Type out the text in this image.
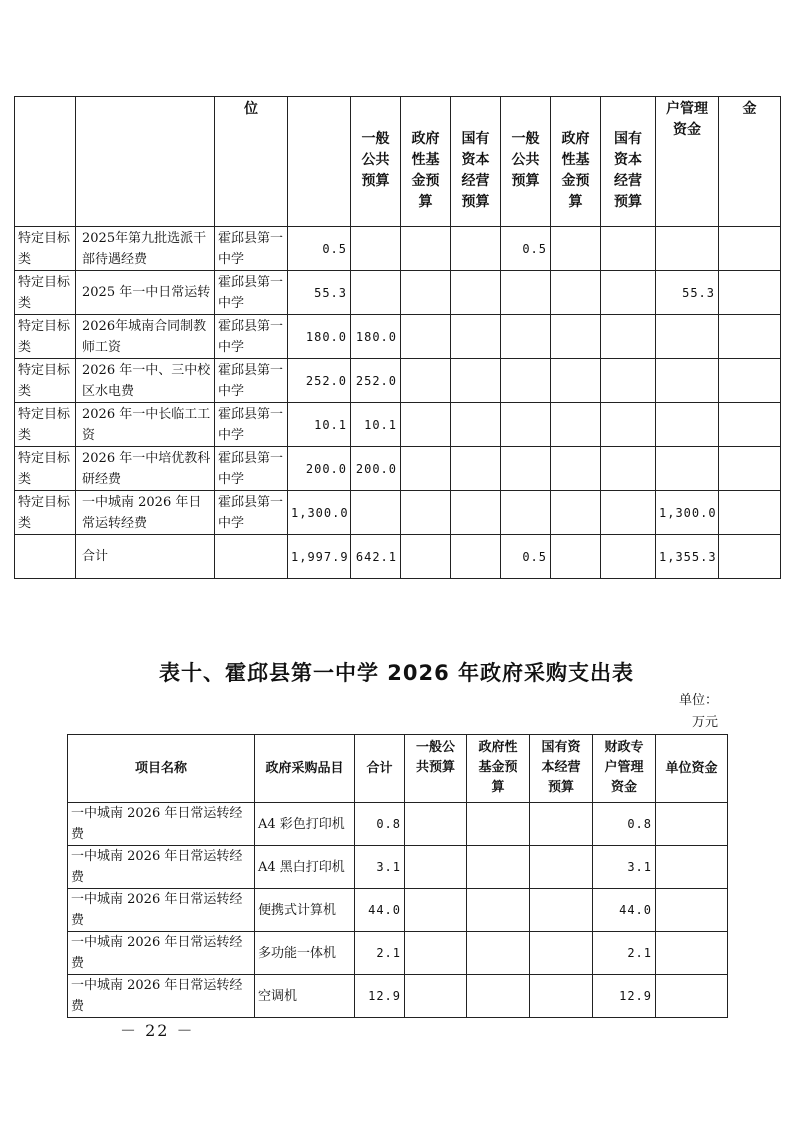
		位		一般公共预算	政府性基金预算	国有资本经营预算	一般公共预算	政府性基金预算	国有资本经营预算	户管理资金	金

特定目标类	2025年第九批选派干部待遇经费	霍邱县第一中学	0.5				0.5				
特定目标类	2025 年一中日常运转	霍邱县第一中学	55.3							55.3	
特定目标类	2026年城南合同制教师工资	霍邱县第一中学	180.0	180.0							
特定目标类	2026 年一中、三中校区水电费	霍邱县第一中学	252.0	252.0							
特定目标类	2026 年一中长临工工资	霍邱县第一中学	10.1	10.1							
特定目标类	2026 年一中培优教科研经费	霍邱县第一中学	200.0	200.0							
特定目标类	一中城南 2026 年日常运转经费	霍邱县第一中学	1,300.0							1,300.0	
	合计		1,997.9	642.1			0.5			1,355.3	
表十、霍邱县第一中学 2026 年政府采购支出表
单位：万元
项目名称	政府采购品目	合计	一般公共预算	政府性基金预算	国有资本经营预算	财政专户管理资金	单位资金
一中城南 2026 年日常运转经费	A4 彩色打印机	0.8				0.8	
一中城南 2026 年日常运转经费	A4 黑白打印机	3.1				3.1	
一中城南 2026 年日常运转经费	便携式计算机	44.0				44.0	
一中城南 2026 年日常运转经费	多功能一体机	2.1				2.1	
一中城南 2026 年日常运转经费	空调机	12.9				12.9	
－ 22 －
